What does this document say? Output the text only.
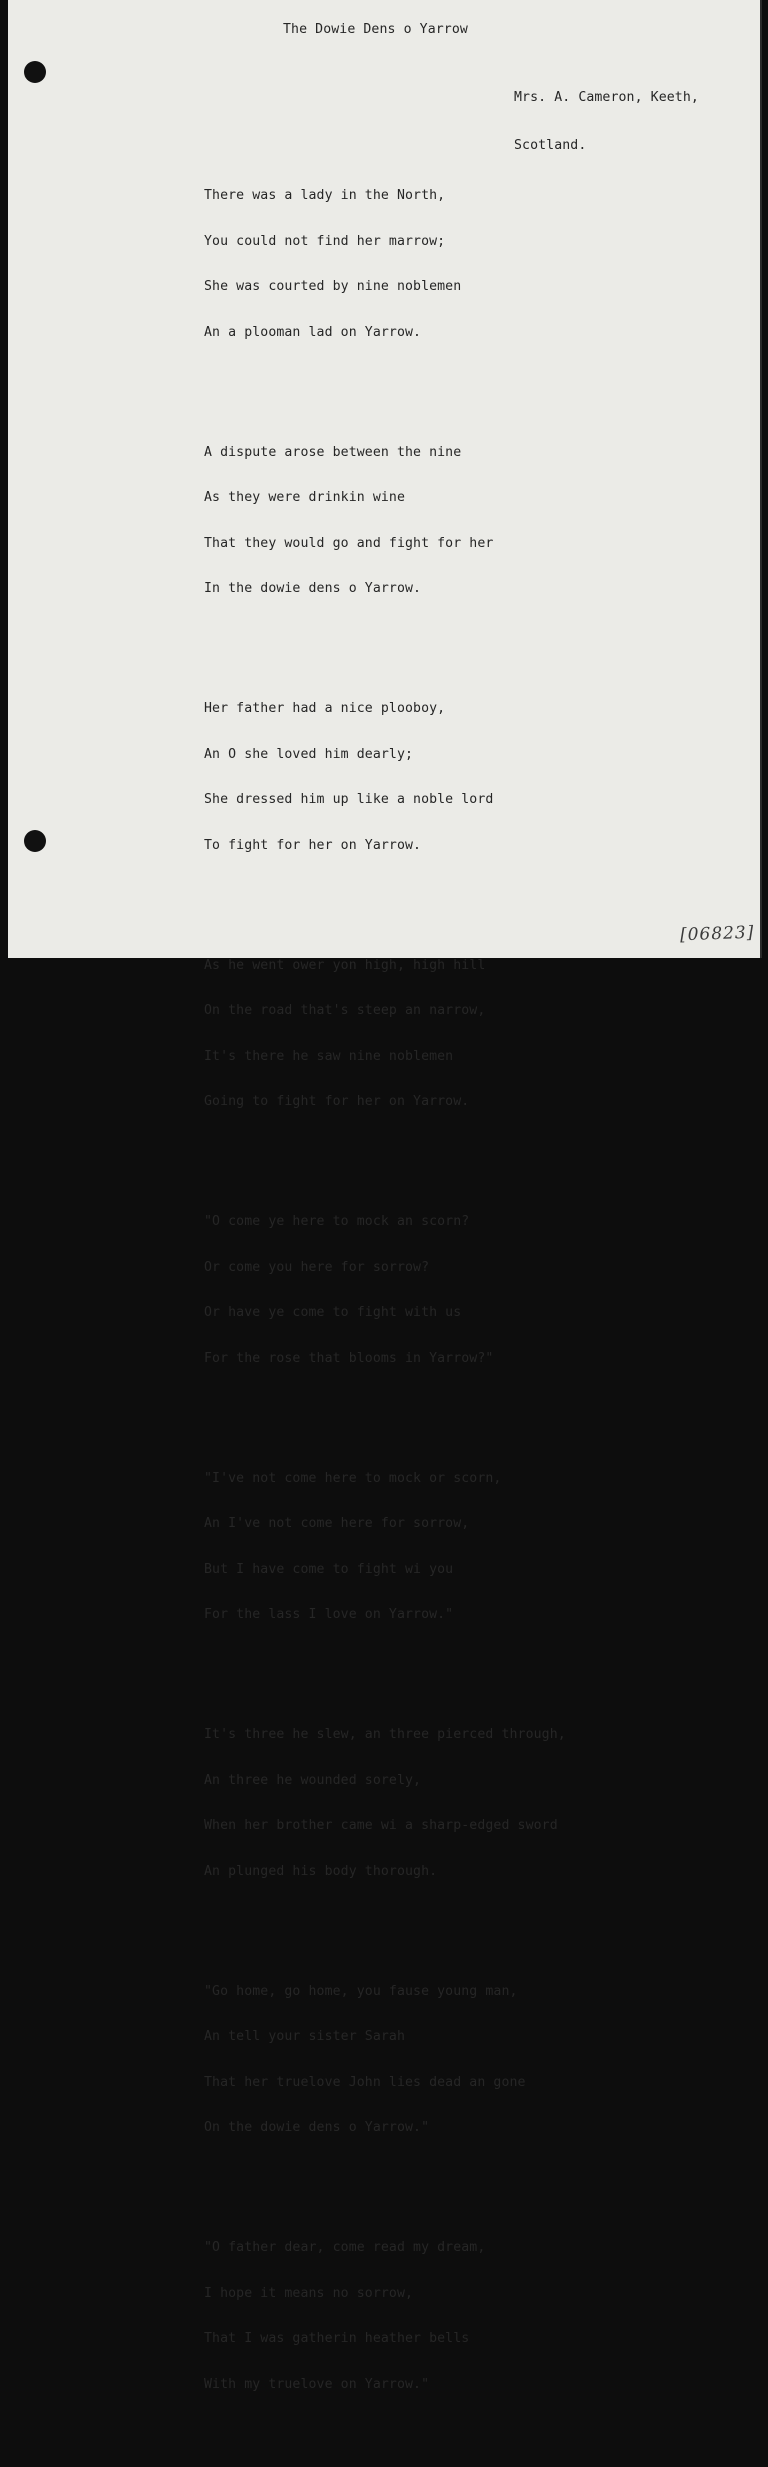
The Dowie Dens o Yarrow

Mrs. A. Cameron, Keeth,

Scotland.

There was a lady in the North,

You could not find her marrow;

She was courted by nine noblemen

An a plooman lad on Yarrow.

A dispute arose between the nine

As they were drinkin wine

That they would go and fight for her

In the dowie dens o Yarrow.

Her father had a nice plooboy,

An O she loved him dearly;

She dressed him up like a noble lord

To fight for her on Yarrow.

As he went ower yon high, high hill

On the road that's steep an narrow,

It's there he saw nine noblemen

Going to fight for her on Yarrow.

"O come ye here to mock an scorn?

Or come you here for sorrow?

Or have ye come to fight with us

For the rose that blooms in Yarrow?"

"I've not come here to mock or scorn,

An I've not come here for sorrow,

But I have come to fight wi you

For the lass I love on Yarrow."

It's three he slew, an three pierced through,

An three he wounded sorely,

When her brother came wi a sharp-edged sword

An plunged his body thorough.

"Go home, go home, you fause young man,

An tell your sister Sarah

That her truelove John lies dead an gone

On the dowie dens o Yarrow."

"O father dear, come read my dream,

I hope it means no sorrow,

That I was gatherin heather bells

With my truelove on Yarrow."

[06823]
